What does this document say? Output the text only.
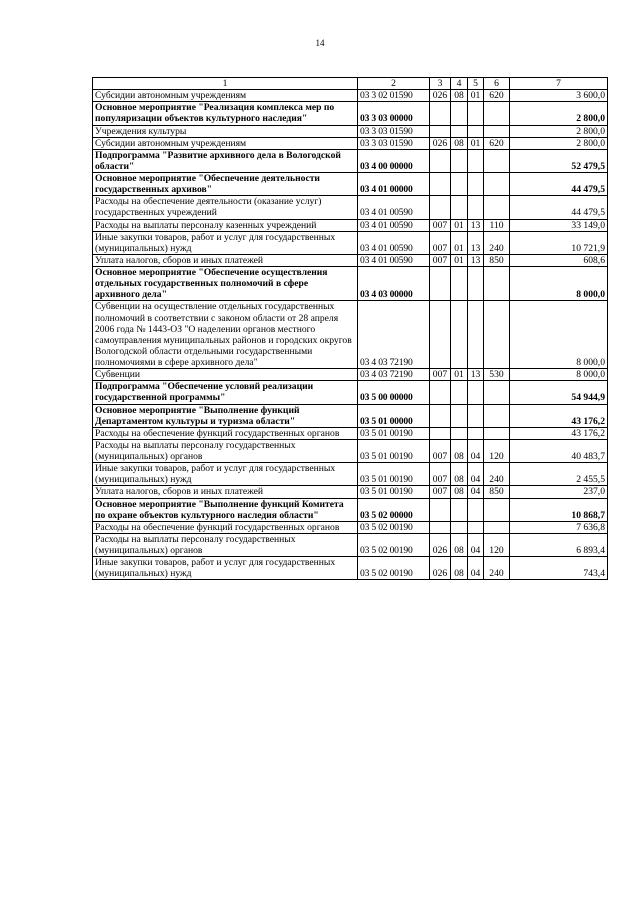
14
1	2	3	4	5	6	7
Субсидии автономным учреждениям	03 3 02 01590	026	08	01	620	3 600,0
Основное мероприятие "Реализация комплекса мер по популяризации объектов культурного наследия"	03 3 03 00000					2 800,0
Учреждения культуры	03 3 03 01590					2 800,0
Субсидии автономным учреждениям	03 3 03 01590	026	08	01	620	2 800,0
Подпрограмма "Развитие архивного дела в Вологодской области"	03 4 00 00000					52 479,5
Основное мероприятие "Обеспечение деятельности государственных архивов"	03 4 01 00000					44 479,5
Расходы на обеспечение деятельности (оказание услуг) государственных учреждений	03 4 01 00590					44 479,5
Расходы на выплаты персоналу казенных учреждений	03 4 01 00590	007	01	13	110	33 149,0
Иные закупки товаров, работ и услуг для государственных (муниципальных) нужд	03 4 01 00590	007	01	13	240	10 721,9
Уплата налогов, сборов и иных платежей	03 4 01 00590	007	01	13	850	608,6
Основное мероприятие "Обеспечение осуществления отдельных государственных полномочий в сфере архивного дела"	03 4 03 00000					8 000,0
Субвенции на осуществление отдельных государственных полномочий в соответствии с законом области от 28 апреля 2006 года № 1443-ОЗ "О наделении органов местного самоуправления муниципальных районов и городских округов Вологодской области отдельными государственными полномочиями в сфере архивного дела"	03 4 03 72190					8 000,0
Субвенции	03 4 03 72190	007	01	13	530	8 000,0
Подпрограмма "Обеспечение условий реализации государственной программы"	03 5 00 00000					54 944,9
Основное мероприятие "Выполнение функций Департаментом культуры и туризма области"	03 5 01 00000					43 176,2
Расходы на обеспечение функций государственных органов	03 5 01 00190					43 176,2
Расходы на выплаты персоналу государственных (муниципальных) органов	03 5 01 00190	007	08	04	120	40 483,7
Иные закупки товаров, работ и услуг для государственных (муниципальных) нужд	03 5 01 00190	007	08	04	240	2 455,5
Уплата налогов, сборов и иных платежей	03 5 01 00190	007	08	04	850	237,0
Основное мероприятие "Выполнение функций Комитета по охране объектов культурного наследия области"	03 5 02 00000					10 868,7
Расходы на обеспечение функций государственных органов	03 5 02 00190					7 636,8
Расходы на выплаты персоналу государственных (муниципальных) органов	03 5 02 00190	026	08	04	120	6 893,4
Иные закупки товаров, работ и услуг для государственных (муниципальных) нужд	03 5 02 00190	026	08	04	240	743,4
